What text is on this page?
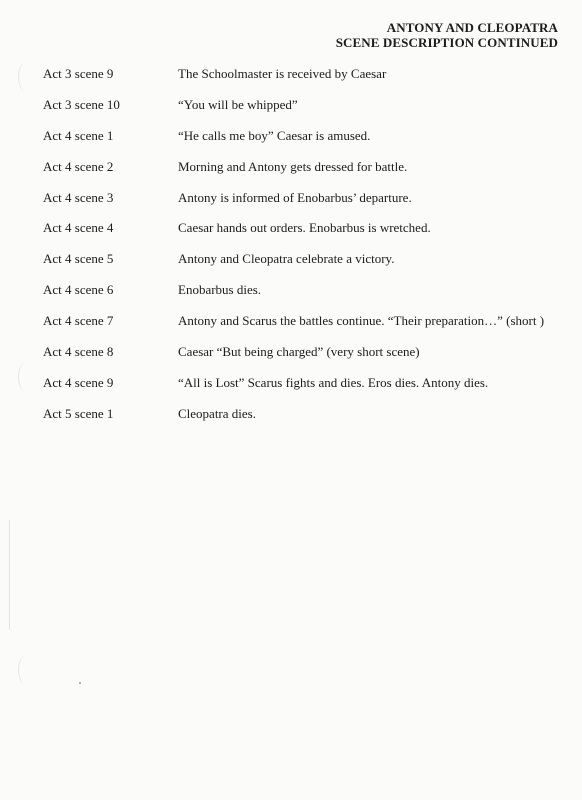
ANTONY AND CLEOPATRA
SCENE DESCRIPTION CONTINUED
Act 3 scene 9	The Schoolmaster is received by Caesar
Act 3 scene 10	“You will be whipped”
Act 4 scene 1	“He calls me boy” Caesar is amused.
Act 4 scene 2	Morning and Antony gets dressed for battle.
Act 4 scene 3	Antony is informed of Enobarbus’ departure.
Act 4 scene 4	Caesar hands out orders. Enobarbus is wretched.
Act 4 scene 5	Antony and Cleopatra celebrate a victory.
Act 4 scene 6	Enobarbus dies.
Act 4 scene 7	Antony and Scarus the battles continue. “Their preparation…” (short )
Act 4 scene 8	Caesar “But being charged” (very short scene)
Act 4 scene 9	“All is Lost” Scarus fights and dies. Eros dies. Antony dies.
Act 5 scene 1	Cleopatra dies.
